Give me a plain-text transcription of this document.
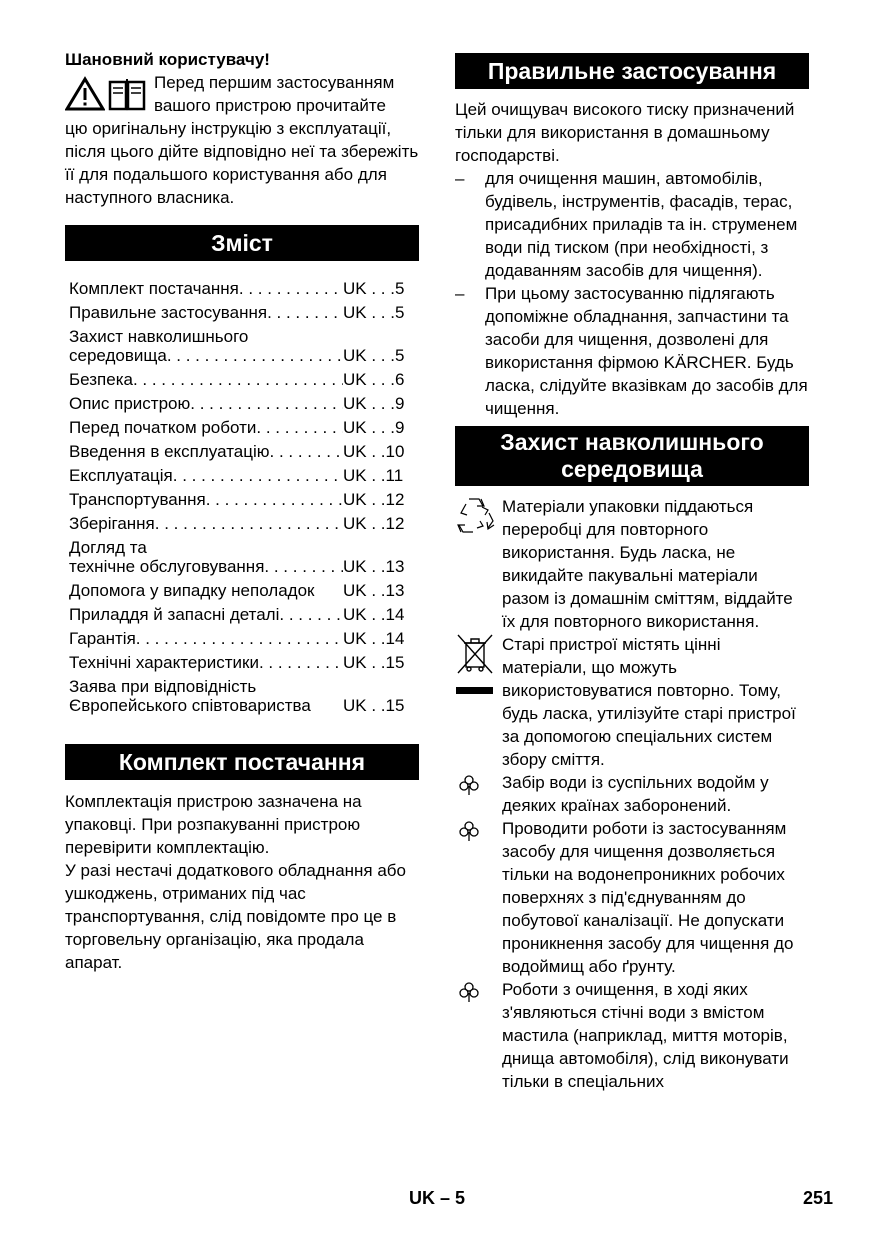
Шановний користувачу!

Перед першим застосуванням

вашого пристрою прочитайте

цю оригінальну інструкцію з експлуатації, після цього дійте відповідно неї та збережіть її для подальшого користування або для наступного власника.

Зміст
Комплект постачання . . .	UK . . .5
Правильне застосування . . .	UK . . .5
Захист навколишнього
середовища . . .	UK . . .5
Безпека . . .	UK . . .6
Опис пристрою . . .	UK . . .9
Перед початком роботи . . .	UK . . .9
Введення в експлуатацію . . .	UK . .10
Експлуатація . . .	UK . .11
Транспортування . . .	UK . .12
Зберігання . . .	UK . .12
Догляд та
технічне обслуговування . . .	UK . .13
Допомога у випадку неполадок UK . .13
Приладдя й запасні деталі . . .	UK . .14
Гарантія . . .	UK . .14
Технічні характеристики . . .	UK . .15
Заява при відповідність
Європейського співтовариства UK . .15
Комплект постачання

Комплектація пристрою зазначена на упаковці. При розпакуванні пристрою перевірити комплектацію.

У разі нестачі додаткового обладнання або ушкоджень, отриманих під час транспортування, слід повідомте про це в торговельну організацію, яка продала апарат.

Правильне застосування

Цей очищувач високого тиску призначений тільки для використання в домашньому господарстві.

–	для очищення машин, автомобілів, будівель, інструментів, фасадів, терас, присадибних приладів та ін. струменем води під тиском (при необхідності, з додаванням засобів для чищення).
–	При цьому застосуванню підлягають допоміжне обладнання, запчастини та засоби для чищення, дозволені для використання фірмою KÄRCHER. Будь ласка, слідуйте вказівкам до засобів для чищення.
Захист навколишнього
середовища
Матеріали упаковки піддаються переробці для повторного використання. Будь ласка, не викидайте пакувальні матеріали разом із домашнім сміттям, віддайте їх для повторного використання.
Старі пристрої містять цінні матеріали, що можуть використовуватися повторно. Тому, будь ласка, утилізуйте старі пристрої за допомогою спеціальних систем збору сміття.
Забір води із суспільних водойм у деяких країнах заборонений.
Проводити роботи із застосуванням засобу для чищення дозволяється тільки на водонепроникних робочих поверхнях з під'єднуванням до побутової каналізації. Не допускати проникнення засобу для чищення до водоймищ або ґрунту.
Роботи з очищення, в ході яких з'являються стічні води з вмістом мастила (наприклад, миття моторів, днища автомобіля), слід виконувати тільки в спеціальних
UK – 5	251
